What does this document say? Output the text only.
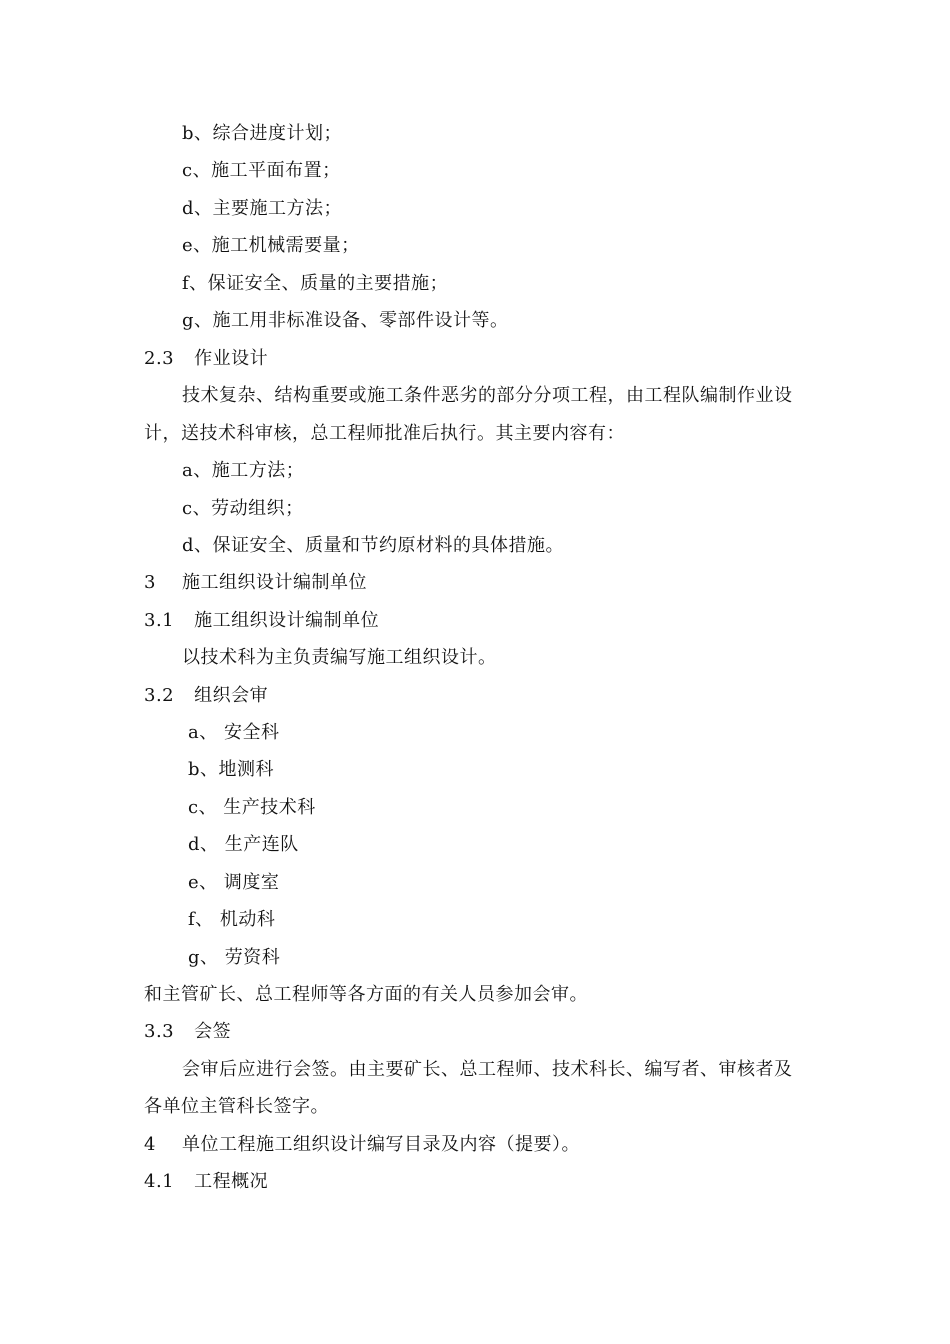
b、综合进度计划；
c、施工平面布置；
d、主要施工方法；
e、施工机械需要量；
f、保证安全、质量的主要措施；
g、施工用非标准设备、零部件设计等。
2.3 作业设计
技术复杂、结构重要或施工条件恶劣的部分分项工程，由工程队编制作业设
计，送技术科审核，总工程师批准后执行。其主要内容有：
a、施工方法；
c、劳动组织；
d、保证安全、质量和节约原材料的具体措施。
3 施工组织设计编制单位
3.1 施工组织设计编制单位
以技术科为主负责编写施工组织设计。
3.2 组织会审
a、 安全科
b、地测科
c、 生产技术科
d、 生产连队
e、 调度室
f、 机动科
g、 劳资科
和主管矿长、总工程师等各方面的有关人员参加会审。
3.3 会签
会审后应进行会签。由主要矿长、总工程师、技术科长、编写者、审核者及
各单位主管科长签字。
4 单位工程施工组织设计编写目录及内容（提要）。
4.1 工程概况
